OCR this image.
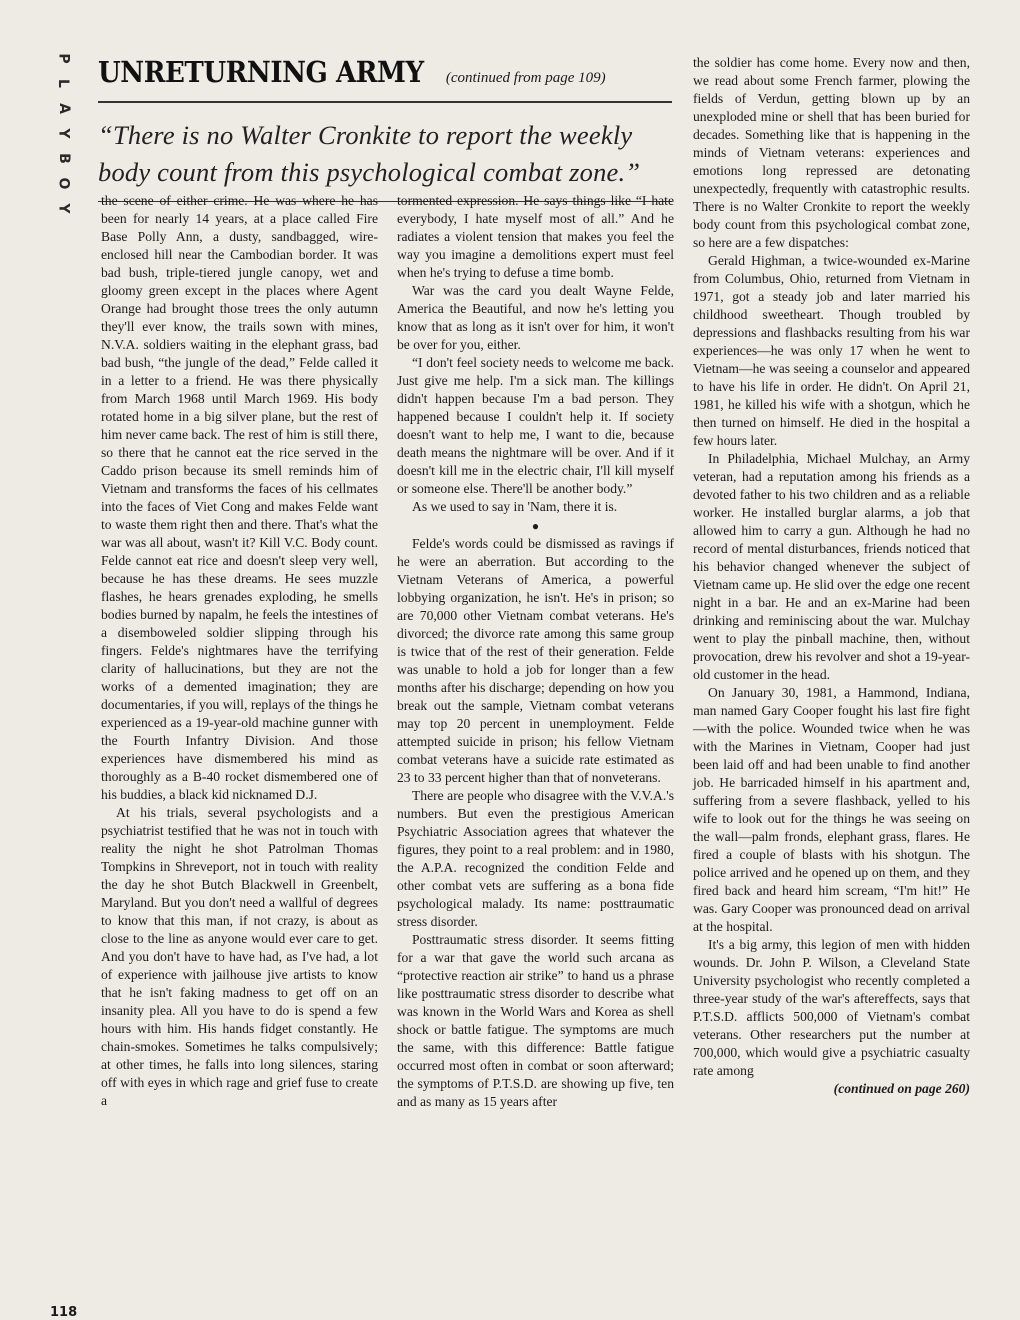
P
L
A
Y
B
O
Y
UNRETURNING ARMY (continued from page 109)
“There is no Walter Cronkite to report the weekly body count from this psychological combat zone.”

the scene of either crime. He was where he has been for nearly 14 years, at a place called Fire Base Polly Ann, a dusty, sandbagged, wire-enclosed hill near the Cambodian border. It was bad bush, triple-tiered jungle canopy, wet and gloomy green except in the places where Agent Orange had brought those trees the only autumn they'll ever know, the trails sown with mines, N.V.A. soldiers waiting in the elephant grass, bad bad bush, “the jungle of the dead,” Felde called it in a letter to a friend. He was there physically from March 1968 until March 1969. His body rotated home in a big silver plane, but the rest of him never came back. The rest of him is still there, so there that he cannot eat the rice served in the Caddo prison because its smell reminds him of Vietnam and transforms the faces of his cellmates into the faces of Viet Cong and makes Felde want to waste them right then and there. That's what the war was all about, wasn't it? Kill V.C. Body count. Felde cannot eat rice and doesn't sleep very well, because he has these dreams. He sees muzzle flashes, he hears grenades exploding, he smells bodies burned by napalm, he feels the intestines of a disemboweled soldier slipping through his fingers. Felde's nightmares have the terrifying clarity of hallucinations, but they are not the works of a demented imagination; they are documentaries, if you will, replays of the things he experienced as a 19-year-old machine gunner with the Fourth Infantry Division. And those experiences have dismembered his mind as thoroughly as a B-40 rocket dismembered one of his buddies, a black kid nicknamed D.J.

At his trials, several psychologists and a psychiatrist testified that he was not in touch with reality the night he shot Patrolman Thomas Tompkins in Shreveport, not in touch with reality the day he shot Butch Blackwell in Greenbelt, Maryland. But you don't need a wallful of degrees to know that this man, if not crazy, is about as close to the line as anyone would ever care to get. And you don't have to have had, as I've had, a lot of experience with jailhouse jive artists to know that he isn't faking madness to get off on an insanity plea. All you have to do is spend a few hours with him. His hands fidget constantly. He chain-smokes. Sometimes he talks compulsively; at other times, he falls into long silences, staring off with eyes in which rage and grief fuse to create a

tormented expression. He says things like “I hate everybody, I hate myself most of all.” And he radiates a violent tension that makes you feel the way you imagine a demolitions expert must feel when he's trying to defuse a time bomb.

War was the card you dealt Wayne Felde, America the Beautiful, and now he's letting you know that as long as it isn't over for him, it won't be over for you, either.

“I don't feel society needs to welcome me back. Just give me help. I'm a sick man. The killings didn't happen because I'm a bad person. They happened because I couldn't help it. If society doesn't want to help me, I want to die, because death means the nightmare will be over. And if it doesn't kill me in the electric chair, I'll kill myself or someone else. There'll be another body.”

As we used to say in 'Nam, there it is.

●

Felde's words could be dismissed as ravings if he were an aberration. But according to the Vietnam Veterans of America, a powerful lobbying organization, he isn't. He's in prison; so are 70,000 other Vietnam combat veterans. He's divorced; the divorce rate among this same group is twice that of the rest of their generation. Felde was unable to hold a job for longer than a few months after his discharge; depending on how you break out the sample, Vietnam combat veterans may top 20 percent in unemployment. Felde attempted suicide in prison; his fellow Vietnam combat veterans have a suicide rate estimated as 23 to 33 percent higher than that of nonveterans.

There are people who disagree with the V.V.A.'s numbers. But even the prestigious American Psychiatric Association agrees that whatever the figures, they point to a real problem: and in 1980, the A.P.A. recognized the condition Felde and other combat vets are suffering as a bona fide psychological malady. Its name: posttraumatic stress disorder.

Posttraumatic stress disorder. It seems fitting for a war that gave the world such arcana as “protective reaction air strike” to hand us a phrase like posttraumatic stress disorder to describe what was known in the World Wars and Korea as shell shock or battle fatigue. The symptoms are much the same, with this difference: Battle fatigue occurred most often in combat or soon afterward; the symptoms of P.T.S.D. are showing up five, ten and as many as 15 years after

the soldier has come home. Every now and then, we read about some French farmer, plowing the fields of Verdun, getting blown up by an unexploded mine or shell that has been buried for decades. Something like that is happening in the minds of Vietnam veterans: experiences and emotions long repressed are detonating unexpectedly, frequently with catastrophic results. There is no Walter Cronkite to report the weekly body count from this psychological combat zone, so here are a few dispatches:

Gerald Highman, a twice-wounded ex-Marine from Columbus, Ohio, returned from Vietnam in 1971, got a steady job and later married his childhood sweetheart. Though troubled by depressions and flashbacks resulting from his war experiences—he was only 17 when he went to Vietnam—he was seeing a counselor and appeared to have his life in order. He didn't. On April 21, 1981, he killed his wife with a shotgun, which he then turned on himself. He died in the hospital a few hours later.

In Philadelphia, Michael Mulchay, an Army veteran, had a reputation among his friends as a devoted father to his two children and as a reliable worker. He installed burglar alarms, a job that allowed him to carry a gun. Although he had no record of mental disturbances, friends noticed that his behavior changed whenever the subject of Vietnam came up. He slid over the edge one recent night in a bar. He and an ex-Marine had been drinking and reminiscing about the war. Mulchay went to play the pinball machine, then, without provocation, drew his revolver and shot a 19-year-old customer in the head.

On January 30, 1981, a Hammond, Indiana, man named Gary Cooper fought his last fire fight—with the police. Wounded twice when he was with the Marines in Vietnam, Cooper had just been laid off and had been unable to find another job. He barricaded himself in his apartment and, suffering from a severe flashback, yelled to his wife to look out for the things he was seeing on the wall—palm fronds, elephant grass, flares. He fired a couple of blasts with his shotgun. The police arrived and he opened up on them, and they fired back and heard him scream, “I'm hit!” He was. Gary Cooper was pronounced dead on arrival at the hospital.

It's a big army, this legion of men with hidden wounds. Dr. John P. Wilson, a Cleveland State University psychologist who recently completed a three-year study of the war's aftereffects, says that P.T.S.D. afflicts 500,000 of Vietnam's combat veterans. Other researchers put the number at 700,000, which would give a psychiatric casualty rate among

(continued on page 260)
118
